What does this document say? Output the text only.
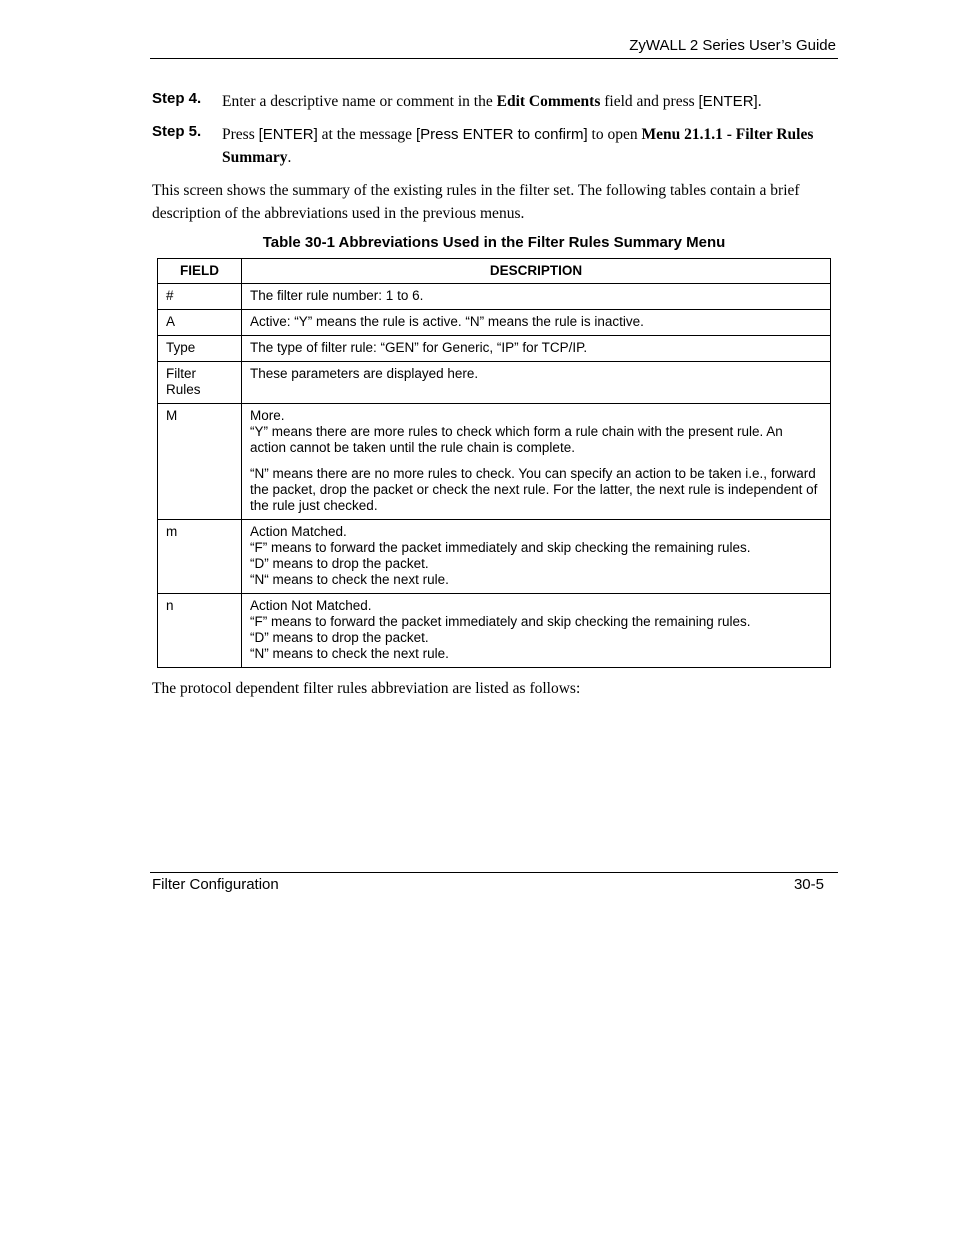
ZyWALL 2 Series User’s Guide
Step 4. Enter a descriptive name or comment in the Edit Comments field and press [ENTER].
Step 5. Press [ENTER] at the message [Press ENTER to confirm] to open Menu 21.1.1 - Filter Rules Summary.
This screen shows the summary of the existing rules in the filter set. The following tables contain a brief description of the abbreviations used in the previous menus.
Table 30-1 Abbreviations Used in the Filter Rules Summary Menu
FIELD	DESCRIPTION
#	The filter rule number: 1 to 6.

A	Active: “Y” means the rule is active. “N” means the rule is inactive.

Type	The type of filter rule: “GEN” for Generic, “IP” for TCP/IP.

Filter Rules	These parameters are displayed here.

M	More.
“Y” means there are more rules to check which form a rule chain with the present rule. An action cannot be taken until the rule chain is complete.
“N” means there are no more rules to check. You can specify an action to be taken i.e., forward the packet, drop the packet or check the next rule. For the latter, the next rule is independent of the rule just checked.

m	Action Matched.
“F” means to forward the packet immediately and skip checking the remaining rules.
“D” means to drop the packet.
“N“ means to check the next rule.

n	Action Not Matched.
“F” means to forward the packet immediately and skip checking the remaining rules.
“D” means to drop the packet.
“N” means to check the next rule.
The protocol dependent filter rules abbreviation are listed as follows:
Filter Configuration	30-5
